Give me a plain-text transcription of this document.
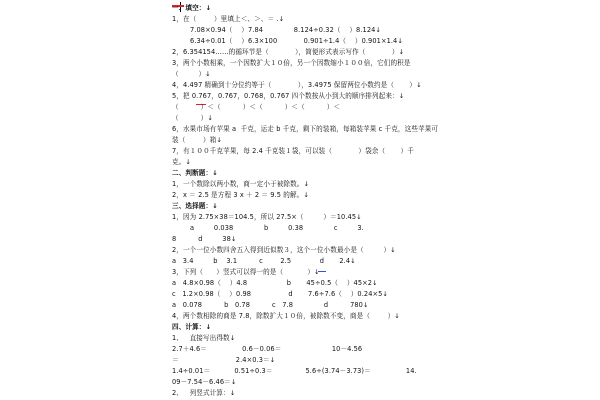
一、填空：↓
1，在（        ）里填上＜、＞、＝ .↓
7.08×0.94（    ）7.84              8.124÷0.32（    ）8.124↓
6.34÷0.01（    ）6.3×100            0.901÷1.4（    ）0.901×1.4↓
2，6.354154……的循环节是（            ），简便形式表示写作（            ）↓
3，两个小数相乘，一个因数扩大１０倍，另一个因数缩小１００倍，它们的积是
（         ）↓
4，4.497 精确到十分位约等于（            ），3.4975 保留两位小数约是（       ）↓
5，把 0.767，0.767，0.768，0.767 四个数按从小到大的顺序排列起来：↓
（          ）＜（          ）＜（          ）＜（          ）＜
（          ）↓
6，水果市场有苹果 a  千克，运走 b 千克，剩下的装箱，每箱装苹果 c 千克，这些苹果可
装（        ）箱↓
7，有１００千克苹果，每 2.4 千克装１袋，可以装（            ）袋余（       ）千
克。↓
二、判断题：↓
1，一个数除以两小数，商一定小于被除数。↓
2，x ＝ 2.5 是方程 3 x ＋ 2 ＝ 9.5 的解。↓
三、选择题：↓
1，因为 2.75×38＝104.5，所以 27.5×（         ）＝10.45↓
a         0.038              b         0.38              c         3.
8          d         38↓
2，一个一位小数四舍五入得到近似数３，这个一位小数最小是（         ）↓
a   3.4         b    3.1          c        2.5             d       2.4↓
3，下列（      ）竖式可以得一的是（           ）↓
a   4.8×0.98（    ）4.8                  b       45÷0.5（    ）45×2↓
c   1.2×0.98（    ）0.98                 d       7.6÷7.6（    ）0.24×5↓
a   0.078          b   0.78          c   7.8              d          780↓
4，两个数相除的商是 7.8，除数扩大１０倍，被除数不变，商是（        ）↓
四、计算：↓
1、   直接写出得数↓
2.7＋4.6＝                0.6－0.06＝                       10－4.56
＝                          2.4×0.3＝↓
1.4÷0.01＝           0.51÷0.3＝               5.6÷(3.74－3.73)＝                14.
09－7.54－6.46＝↓
2、   列竖式计算：↓
